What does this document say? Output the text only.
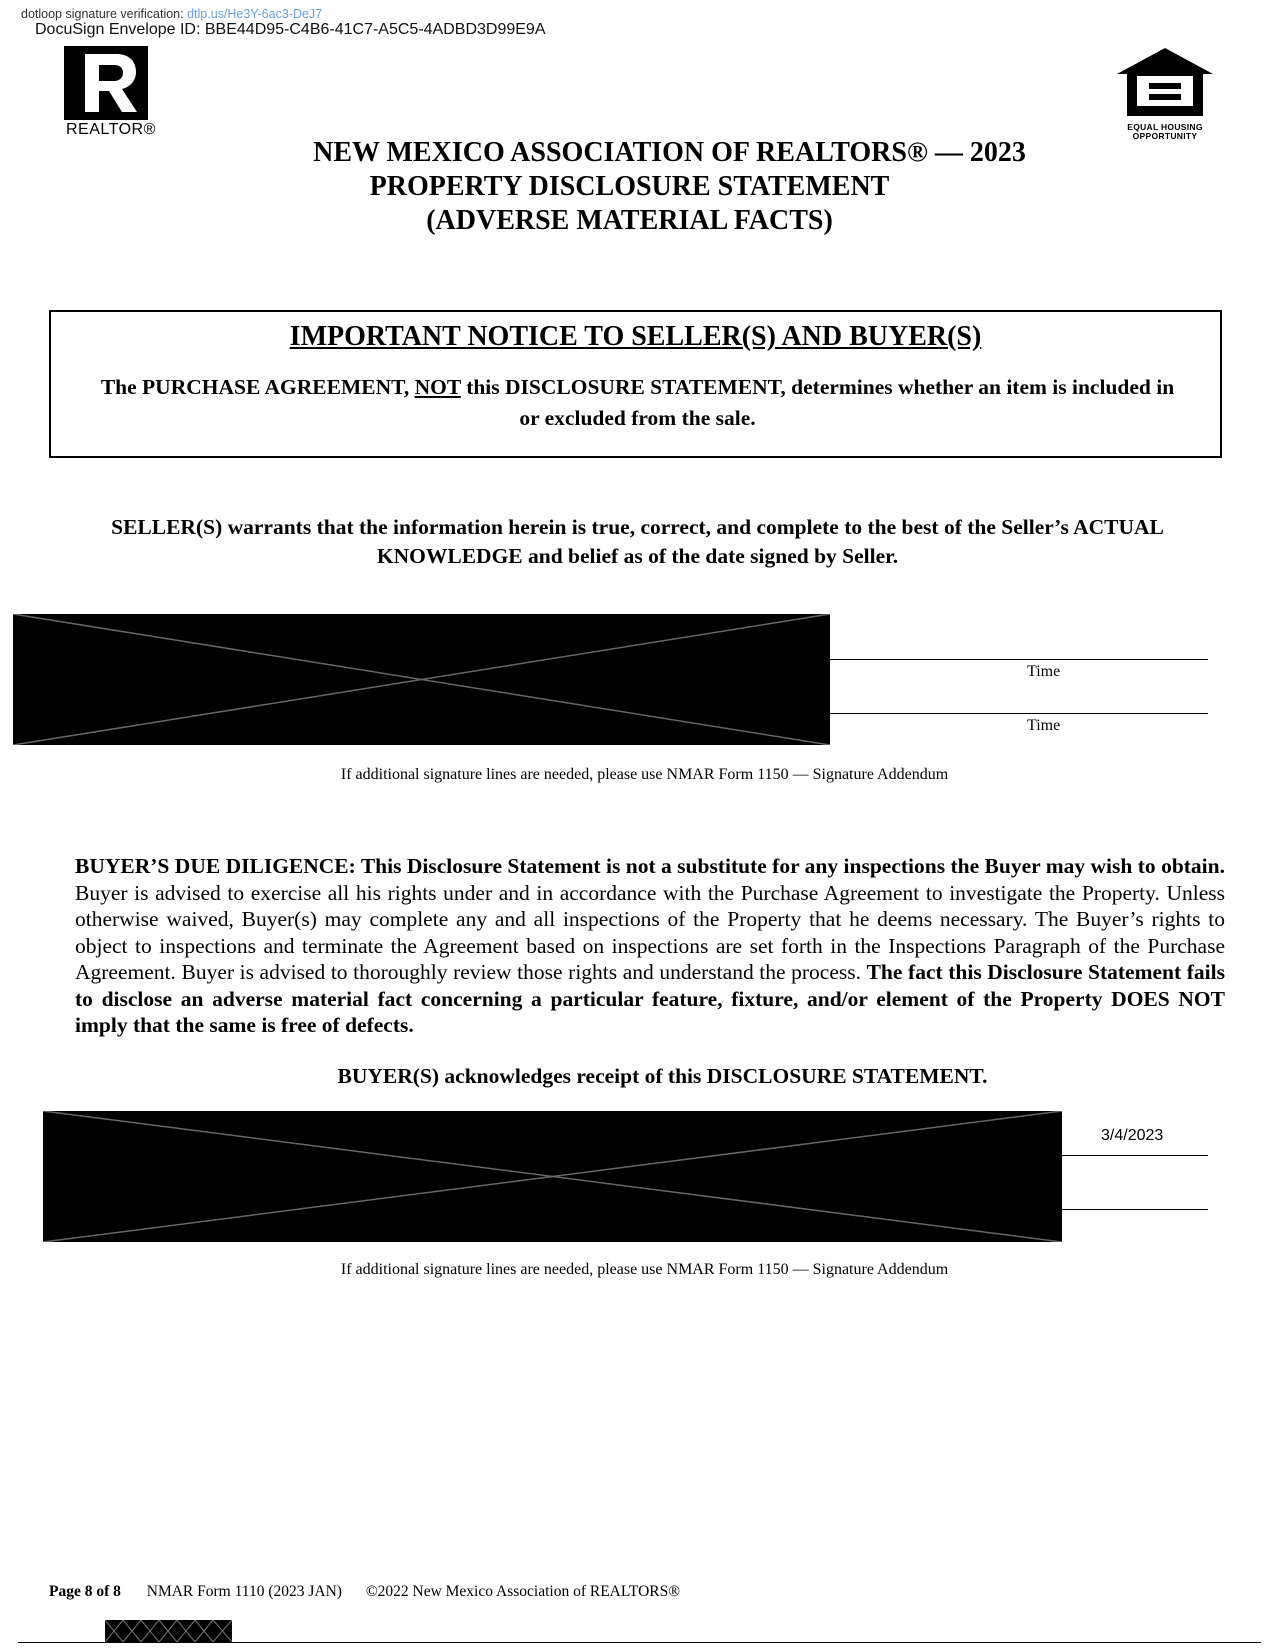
dotloop signature verification: dtlp.us/He3Y-6ac3-DeJ7
DocuSign Envelope ID: BBE44D95-C4B6-41C7-A5C5-4ADBD3D99E9A
REALTOR®	EQUAL HOUSING
OPPORTUNITY
NEW MEXICO ASSOCIATION OF REALTORS® — 2023
PROPERTY DISCLOSURE STATEMENT
(ADVERSE MATERIAL FACTS)
IMPORTANT NOTICE TO SELLER(S) AND BUYER(S)
The PURCHASE AGREEMENT, NOT this DISCLOSURE STATEMENT, determines whether an item is included in or excluded from the sale.
SELLER(S) warrants that the information herein is true, correct, and complete to the best of the Seller’s ACTUAL KNOWLEDGE and belief as of the date signed by Seller.
Time
Time
If additional signature lines are needed, please use NMAR Form 1150 — Signature Addendum
BUYER’S DUE DILIGENCE: This Disclosure Statement is not a substitute for any inspections the Buyer may wish to obtain. Buyer is advised to exercise all his rights under and in accordance with the Purchase Agreement to investigate the Property. Unless otherwise waived, Buyer(s) may complete any and all inspections of the Property that he deems necessary. The Buyer’s rights to object to inspections and terminate the Agreement based on inspections are set forth in the Inspections Paragraph of the Purchase Agreement. Buyer is advised to thoroughly review those rights and understand the process. The fact this Disclosure Statement fails to disclose an adverse material fact concerning a particular feature, fixture, and/or element of the Property DOES NOT imply that the same is free of defects.
BUYER(S) acknowledges receipt of this DISCLOSURE STATEMENT.
3/4/2023
If additional signature lines are needed, please use NMAR Form 1150 — Signature Addendum
Page 8 of 8 NMAR Form 1110 (2023 JAN) ©2022 New Mexico Association of REALTORS®
